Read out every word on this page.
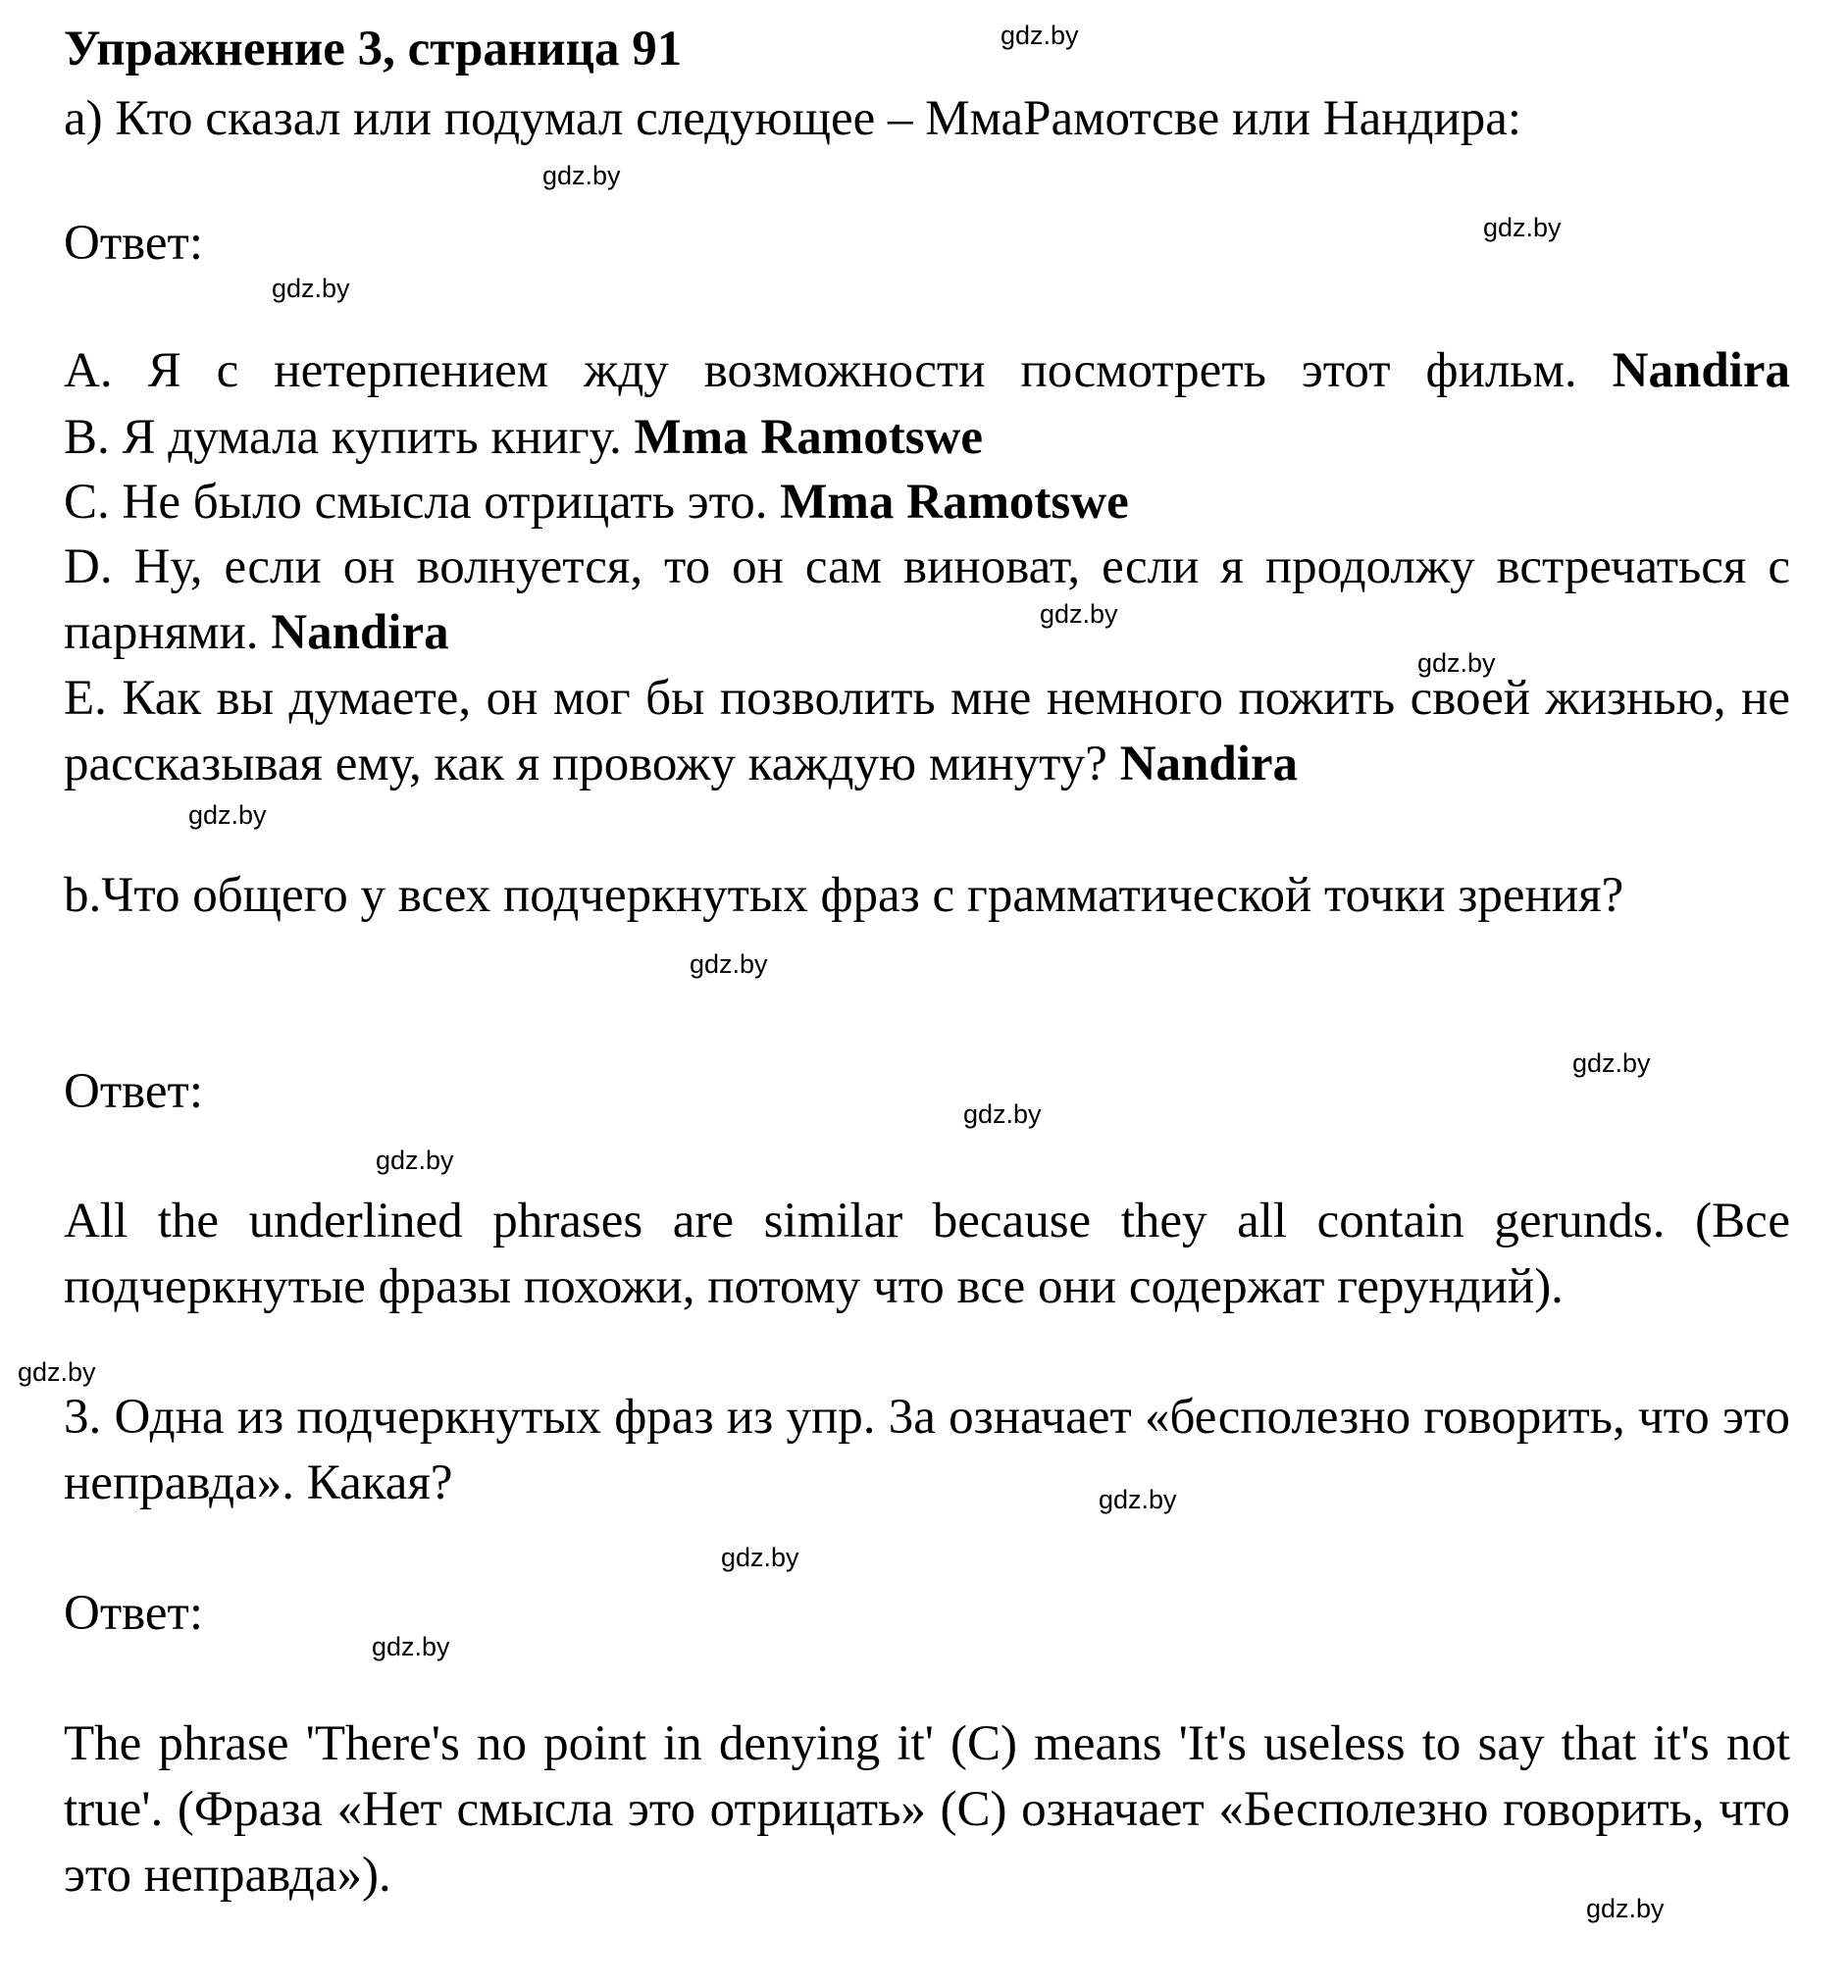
Упражнение 3, страница 91
а) Кто сказал или подумал следующее – МмаРамотсве или Нандира:
Ответ:
A. Я с нетерпением жду возможности посмотреть этот фильм. Nandira
B. Я думала купить книгу. Mma Ramotswe
C. Не было смысла отрицать это. Mma Ramotswe
D. Ну, если он волнуется, то он сам виноват, если я продолжу встречаться с парнями. Nandira
E. Как вы думаете, он мог бы позволить мне немного пожить своей жизнью, не рассказывая ему, как я провожу каждую минуту? Nandira
b.Что общего у всех подчеркнутых фраз с грамматической точки зрения?
Ответ:
All the underlined phrases are similar because they all contain gerunds. (Все подчеркнутые фразы похожи, потому что все они содержат герундий).
3. Одна из подчеркнутых фраз из упр. 3а означает «бесполезно говорить, что это неправда». Какая?
Ответ:
The phrase 'There's no point in denying it' (C) means 'It's useless to say that it's not true'. (Фраза «Нет смысла это отрицать» (C) означает «Бесполезно говорить, что это неправда»).
gdz.by
gdz.by
gdz.by
gdz.by
gdz.by
gdz.by
gdz.by
gdz.by
gdz.by
gdz.by
gdz.by
gdz.by
gdz.by
gdz.by
gdz.by
gdz.by
